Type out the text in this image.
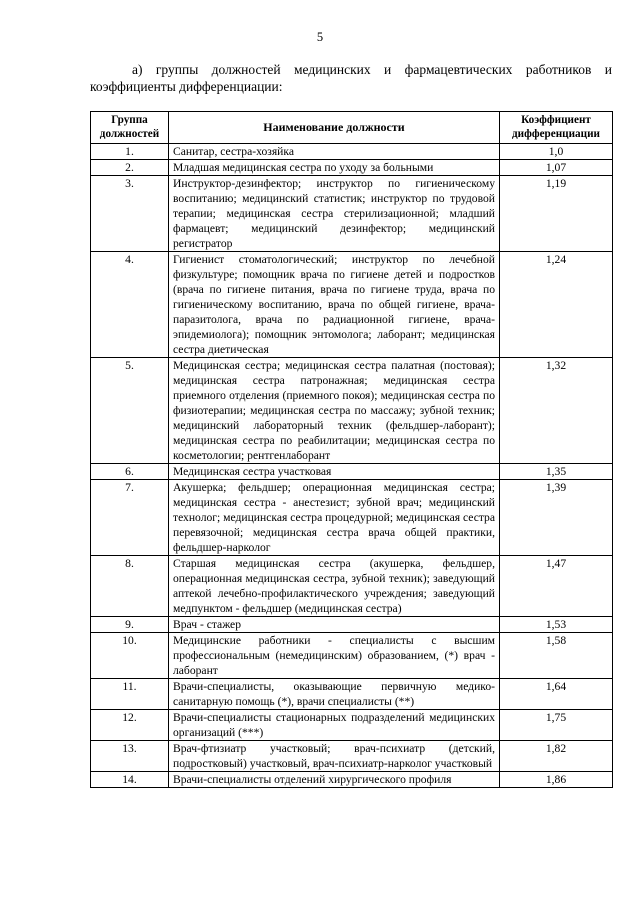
5

а) группы должностей медицинских и фармацевтических работников и коэффициенты дифференциации:

Группа должностей	Наименование должности	Коэффициент дифференциации
1.	Санитар, сестра-хозяйка	1,0
2.	Младшая медицинская сестра по уходу за больными	1,07
3.	Инструктор-дезинфектор; инструктор по гигиеническому воспитанию; медицинский статистик; инструктор по трудовой терапии; медицинская сестра стерилизационной; младший фармацевт; медицинский дезинфектор; медицинский регистратор	1,19
4.	Гигиенист стоматологический; инструктор по лечебной физкультуре; помощник врача по гигиене детей и подростков (врача по гигиене питания, врача по гигиене труда, врача по гигиеническому воспитанию, врача по общей гигиене, врача-паразитолога, врача по радиационной гигиене, врача-эпидемиолога); помощник энтомолога; лаборант; медицинская сестра диетическая	1,24
5.	Медицинская сестра; медицинская сестра палатная (постовая); медицинская сестра патронажная; медицинская сестра приемного отделения (приемного покоя); медицинская сестра по физиотерапии; медицинская сестра по массажу; зубной техник; медицинский лабораторный техник (фельдшер-лаборант); медицинская сестра по реабилитации; медицинская сестра по косметологии; рентгенлаборант	1,32
6.	Медицинская сестра участковая	1,35
7.	Акушерка; фельдшер; операционная медицинская сестра; медицинская сестра - анестезист; зубной врач; медицинский технолог; медицинская сестра процедурной; медицинская сестра перевязочной; медицинская сестра врача общей практики, фельдшер-нарколог	1,39
8.	Старшая медицинская сестра (акушерка, фельдшер, операционная медицинская сестра, зубной техник); заведующий аптекой лечебно-профилактического учреждения; заведующий медпунктом - фельдшер (медицинская сестра)	1,47
9.	Врач - стажер	1,53
10.	Медицинские работники - специалисты с высшим профессиональным (немедицинским) образованием, (*) врач - лаборант	1,58
11.	Врачи-специалисты, оказывающие первичную медико-санитарную помощь (*), врачи специалисты (**)	1,64
12.	Врачи-специалисты стационарных подразделений медицинских организаций (***)	1,75
13.	Врач-фтизиатр участковый; врач-психиатр (детский, подростковый) участковый, врач-психиатр-нарколог участковый	1,82
14.	Врачи-специалисты отделений хирургического профиля	1,86
